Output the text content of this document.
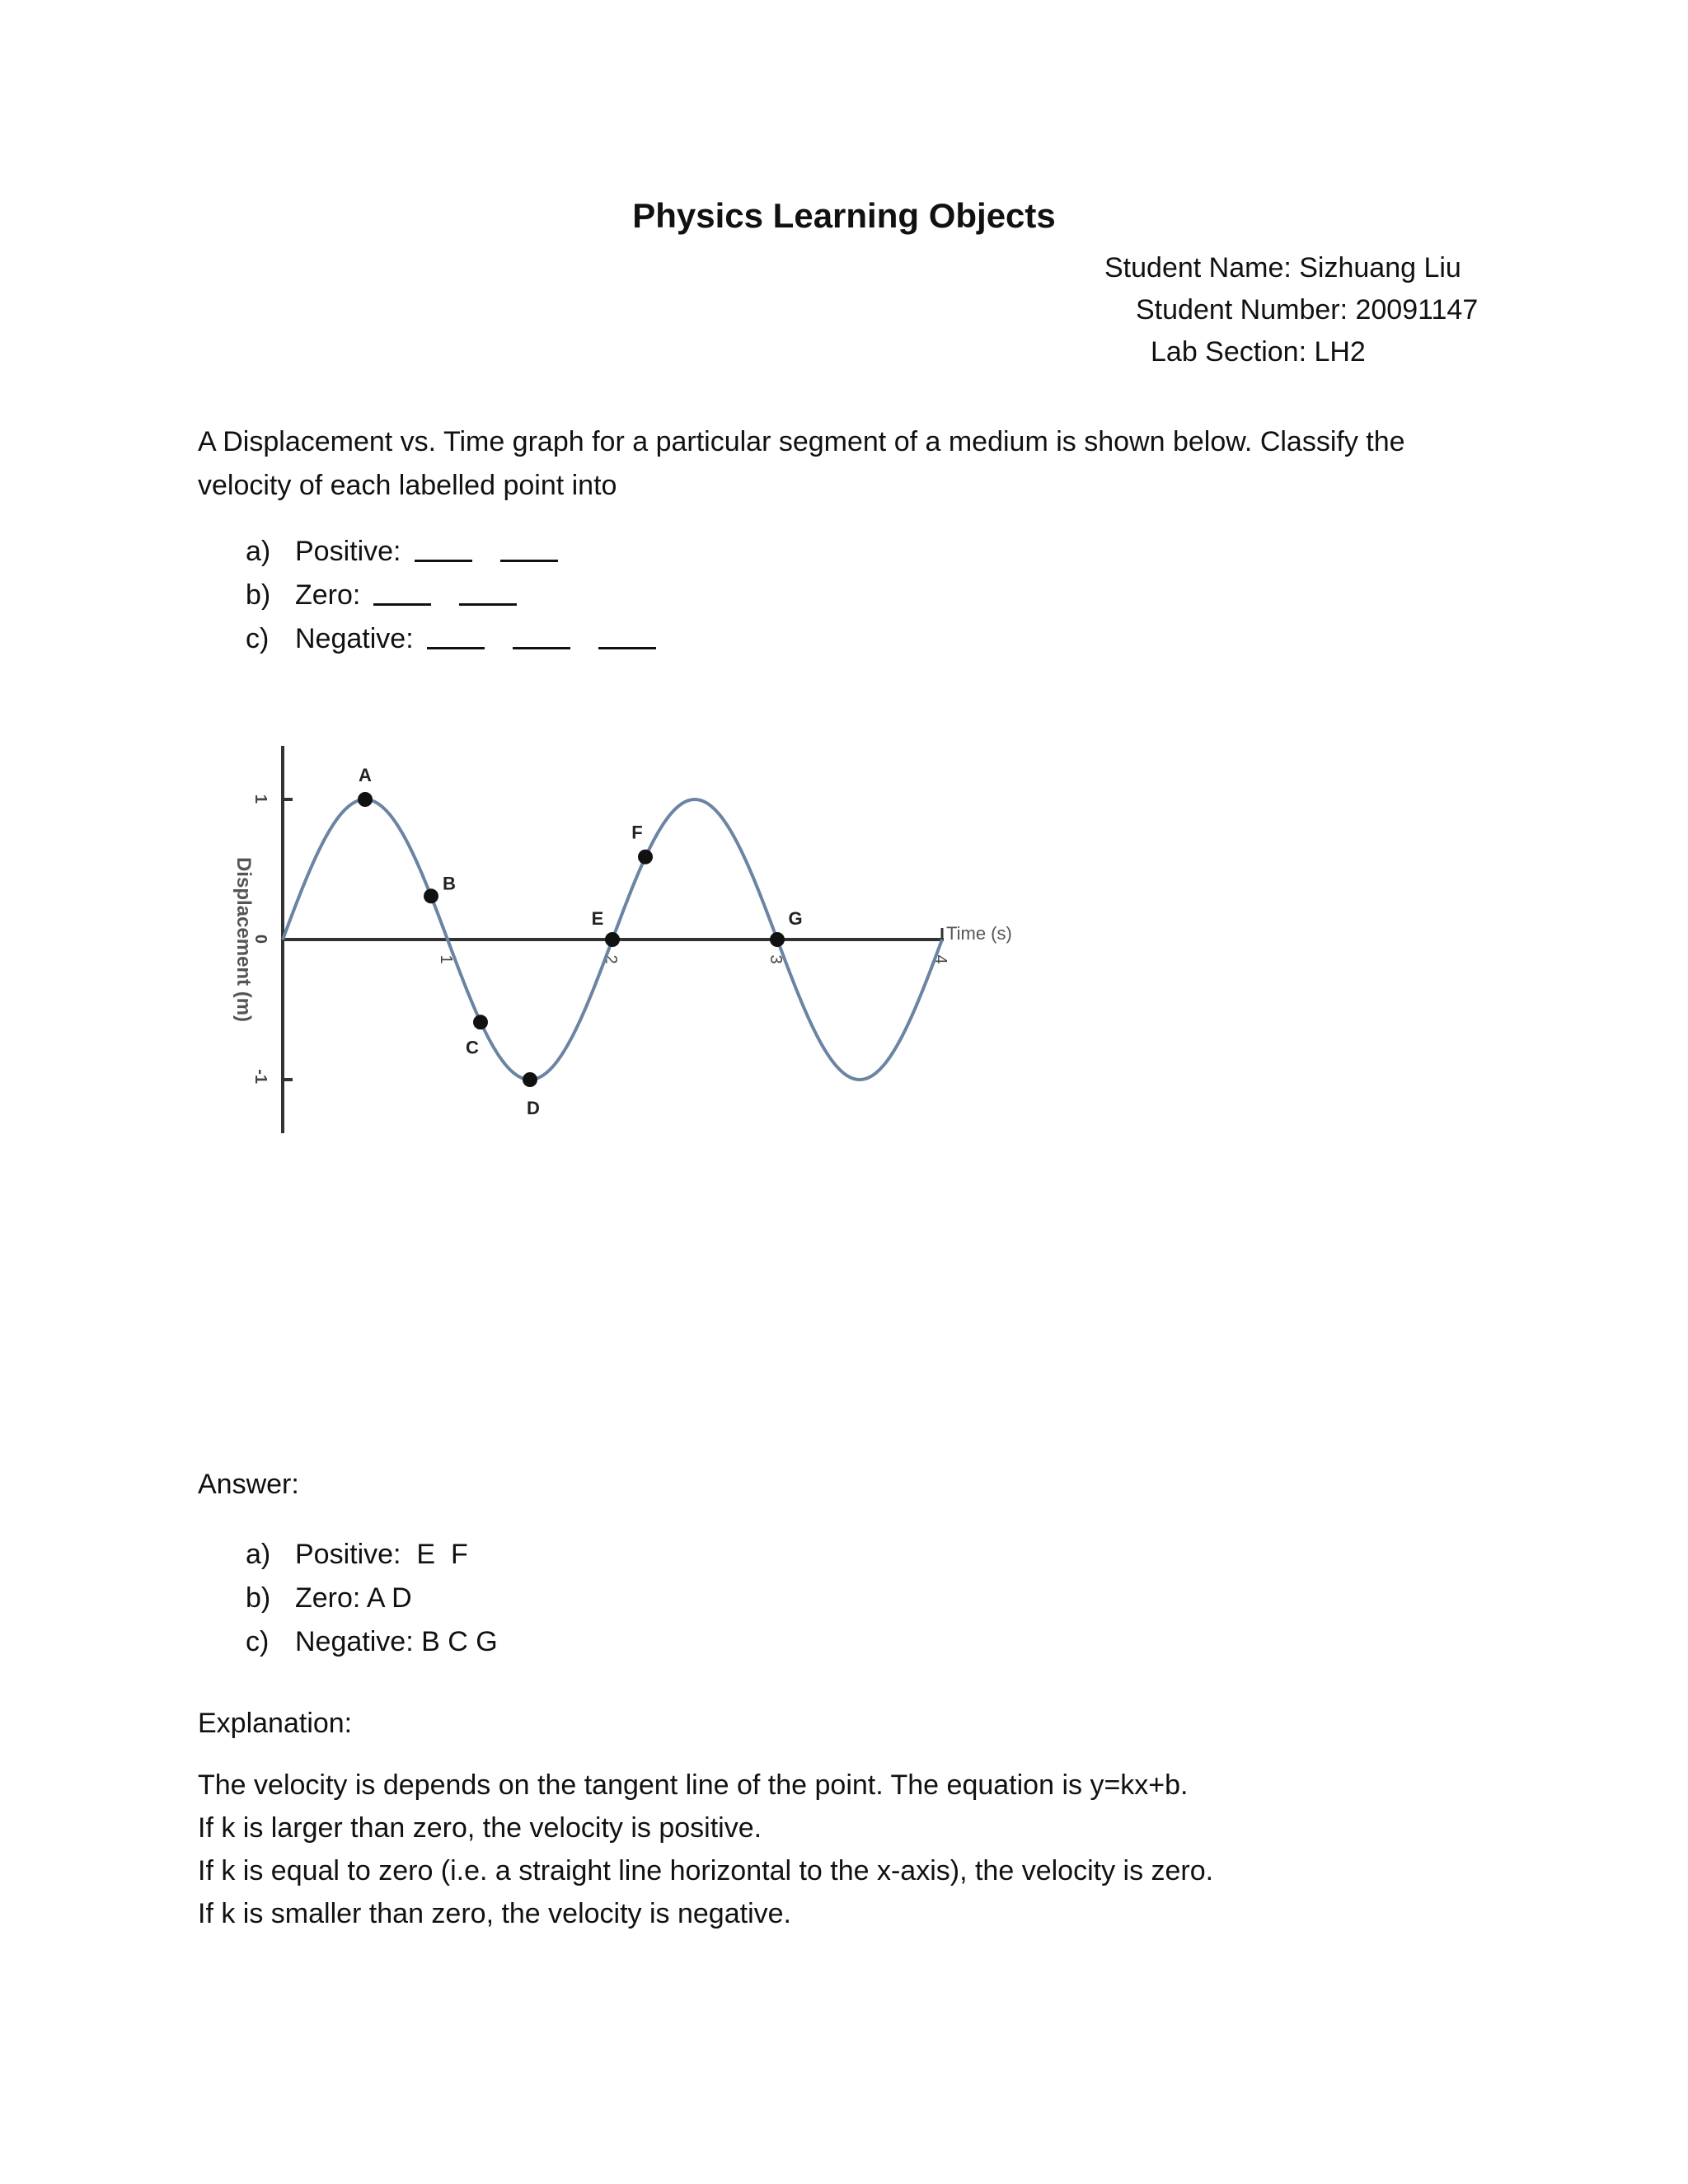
Physics Learning Objects
Student Name: Sizhuang Liu
Student Number: 20091147
Lab Section: LH2
A Displacement vs. Time graph for a particular segment of a medium is shown below. Classify the
velocity of each labelled point into
a) Positive:
b) Zero:
c) Negative:
Displacement (m)	Time (s)
1
0
-1
1	2	3	4
A
B
C
D
E
F
G
Answer:
a) Positive:  E  F
b) Zero: A D
c) Negative: B C G
Explanation:
The velocity is depends on the tangent line of the point. The equation is y=kx+b.
If k is larger than zero, the velocity is positive.
If k is equal to zero (i.e. a straight line horizontal to the x-axis), the velocity is zero.
If k is smaller than zero, the velocity is negative.
